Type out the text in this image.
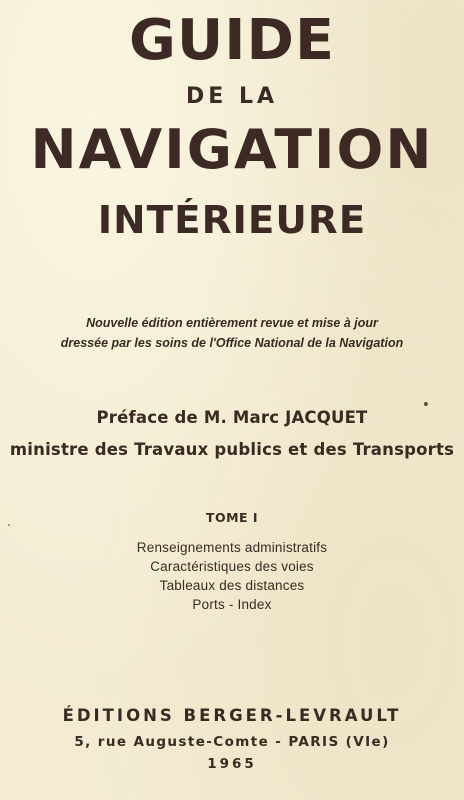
GUIDE
DE LA
NAVIGATION
INTÉRIEURE
Nouvelle édition entièrement revue et mise à jour
dressée par les soins de l'Office National de la Navigation
Préface de M. Marc JACQUET
ministre des Travaux publics et des Transports
TOME I
Renseignements administratifs
Caractéristiques des voies
Tableaux des distances
Ports - Index
ÉDITIONS BERGER-LEVRAULT
5, rue Auguste-Comte - PARIS (VIe)
1965
